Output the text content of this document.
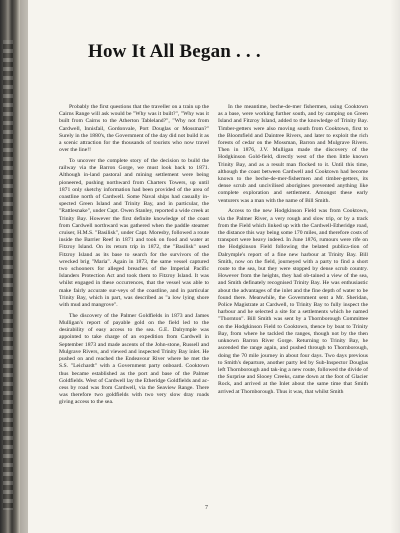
How It All Began . . .

Probably the first questions that the traveller on a train up the Cairns Range will ask would be "Why was it built?", "Why was it built from Cairns to the Atherton Tableland?", "Why not from Cardwell, Innisfail, Gordonvale, Port Douglas or Mossman?" Surely in the 1880's, the Government of the day did not build it as a scenic attraction for the thousands of tourists who now travel over the line!!

To uncover the complete story of the decision to build the railway via the Barron Gorge, we must look back to 1871. Although in-land pastoral and mining settlement were being pioneered, pushing northward from Charters Towers, up until 1871 only sketchy information had been provided of the area of coastline north of Cardwell. Some Naval ships had casually in-spected Green Island and Trinity Bay, and in particular, the "Rattlesnake", under Capt. Owen Stanley, reported a wide creek at Trinity Bay. However the first definite knowledge of the coast from Cardwell northward was gathered when the paddle steamer cruiser, H.M.S. "Basilisk", under Capt. Moresby, followed a route inside the Barrier Reef in 1871 and took on food and water at Fitzroy Island. On its return trip in 1872, the "Basilisk" used Fitzroy Island as its base to search for the survivors of the wrecked brig "Maria". Again in 1873, the same vessel captured two schooners for alleged breaches of the Imperial Pacific Islanders Protection Act and took them to Fitzroy Island. It was whilst engaged in these occurrences, that the vessel was able to make fairly accurate sur-veys of the coastline, and in particular Trinity Bay, which in part, was described as "a low lying shore with mud and mangrove".

The discovery of the Palmer Goldfields in 1873 and James Mulligan's report of payable gold on the field led to the desirability of easy access to the sea. G.E. Dalrymple was appointed to take charge of an expedition from Cardwell in September 1873 and made ascents of the John-stone, Russell and Mulgrave Rivers, and viewed and inspected Trinity Bay inlet. He pushed on and reached the Endeavour River where he met the S.S. "Leichardt" with a Government party onboard. Cooktown thus became established as the port and base of the Palmer Goldfields. West of Cardwell lay the Etheridge Goldfields and ac-cess by road was from Cardwell, via the Seaview Range. There was therefore two goldfields with two very slow dray roads giving access to the sea.

In the meantime, beche-de-mer fishermen, using Cooktown as a base, were working further south, and by camping on Green Island and Fitzroy Island, added to the knowledge of Trinity Bay. Timber-getters were also moving south from Cooktown, first to the Bloomfield and Daintree Rivers, and later to exploit the rich forests of cedar on the Mossman, Barron and Mulgrave Rivers. Then in 1876, J.V. Mulligan made the discovery of the Hodgkinson Gold-field, directly west of the then little known Trinity Bay, and as a result man flocked to it. Until this time, although the coast between Cardwell and Cooktown had become known to the beche-de-mer-fishermen and timber-getters, its dense scrub and uncivilised aborigines prevented anything like complete exploration and settlement. Amongst these early venturers was a man with the name of Bill Smith.

Access to the new Hodgkinson Field was from Cooktown, via the Palmer River, a very rough and slow trip, or by a track from the Field which linked up with the Cardwell-Etheridge road, the distance this way being some 170 miles, and therefore costs of transport were heavy indeed. In June 1876, rumours were rife on the Hodgkinson Field following the belated publica-tion of Dalrymple's report of a fine new harbour at Trinity Bay. Bill Smith, now on the field, journeyed with a party to find a short route to the sea, but they were stopped by dense scrub country. However from the heights, they had ob-tained a view of the sea, and Smith definately recognised Trinity Bay. He was enthusiastic about the advantages of the inlet and the fine depth of water to be found there. Meanwhile, the Government sent a Mr. Sheridan, Police Magistrate at Cardwell, to Trinity Bay to fully inspect the harbour and he selected a site for a settlements which he named "Thornton". Bill Smith was sent by a Thornborough Committee on the Hodgkinson Field to Cooktown, thence by boat to Trinity Bay, from where he tackled the ranges, though not by the then unknown Barron River Gorge. Returning to Trinity Bay, he ascended the range again, and pushed through to Thornborough, doing the 70 mile journey in about four days. Two days previous to Smith's departure, another party led by Sub-Inspector Douglas left Thornborough and tak-ing a new route, followed the divide of the Surprise and Slooey Creeks, came down at the foot of Glacier Rock, and arrived at the Inlet about the same time that Smith arrived at Thornborough. Thus it was, that whilst Smith

7
